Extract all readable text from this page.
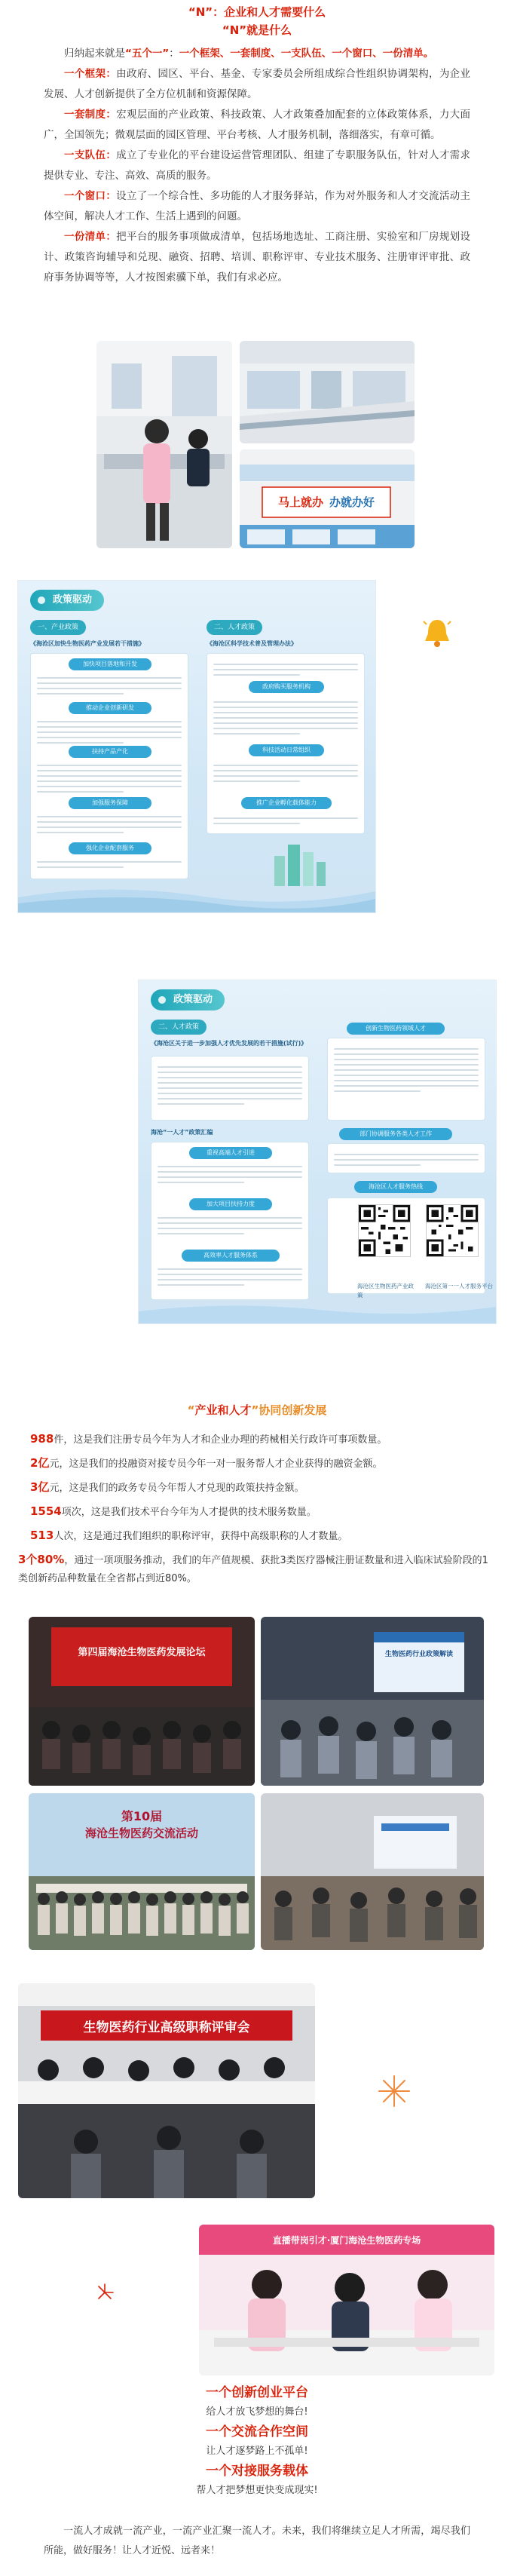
“N”：企业和人才需要什么
“N”就是什么

归纳起来就是“五个一”：一个框架、一套制度、一支队伍、一个窗口、一份清单。

一个框架：由政府、园区、平台、基金、专家委员会所组成综合性组织协调架构，为企业发展、人才创新提供了全方位机制和资源保障。

一套制度：宏观层面的产业政策、科技政策、人才政策叠加配套的立体政策体系，力大面广，全国领先；微观层面的园区管理、平台考核、人才服务机制，落细落实，有章可循。

一支队伍：成立了专业化的平台建设运营管理团队、组建了专职服务队伍，针对人才需求提供专业、专注、高效、高质的服务。

一个窗口：设立了一个综合性、多功能的人才服务驿站，作为对外服务和人才交流活动主体空间，解决人才工作、生活上遇到的问题。

一份清单：把平台的服务事项做成清单，包括场地选址、工商注册、实验室和厂房规划设计、政策咨询辅导和兑现、融资、招聘、培训、职称评审、专业技术服务、注册审评审批、政府事务协调等等，人才按图索骥下单，我们有求必应。

马上就办 办就办好
政策驱动
一、产业政策	二、人才政策
《海沧区加快生物医药产业发展若干措施》	《海沧区科学技术普及管理办法》
加快项目落地和开发
推动企业创新研发
扶持产品产化
加强服务保障
强化企业配套服务
政府购买服务机构
科技活动日常组织
推广企业孵化载体能力
政策驱动
二、人才政策
《海沧区关于进一步加强人才优先发展的若干措施(试行)》
海沧“一人才”政策汇编
重视高端人才引进
加大项目扶持力度
高效率人才服务体系
创新生物医药领域人才
部门协调服务各类人才工作
海沧区人才服务热线
海沧区生物医药产业政策
海沧区第一一人才服务平台
“产业和人才”协同创新发展
988件，这是我们注册专员今年为人才和企业办理的药械相关行政许可事项数量。
2亿元，这是我们的投融资对接专员今年一对一服务帮人才企业获得的融资金额。
3亿元，这是我们的政务专员今年帮人才兑现的政策扶持金额。
1554项次，这是我们技术平台今年为人才提供的技术服务数量。
513人次，这是通过我们组织的职称评审，获得中高级职称的人才数量。
3个80%，通过一项项服务推动，我们的年产值规模、获批3类医疗器械注册证数量和进入临床试验阶段的1类创新药品种数量在全省都占到近80%。
第四届海沧生物医药发展论坛	生物医药行业政策解读
第10届
海沧生物医药交流活动
生物医药行业高级职称评审会
直播带岗引才·厦门海沧生物医药专场
一个创新创业平台
给人才放飞梦想的舞台!
一个交流合作空间
让人才逐梦路上不孤单!
一个对接服务载体
帮人才把梦想更快变成现实!

一流人才成就一流产业，一流产业汇聚一流人才。未来，我们将继续立足人才所需，竭尽我们所能，做好服务！让人才近悦、远者来！
